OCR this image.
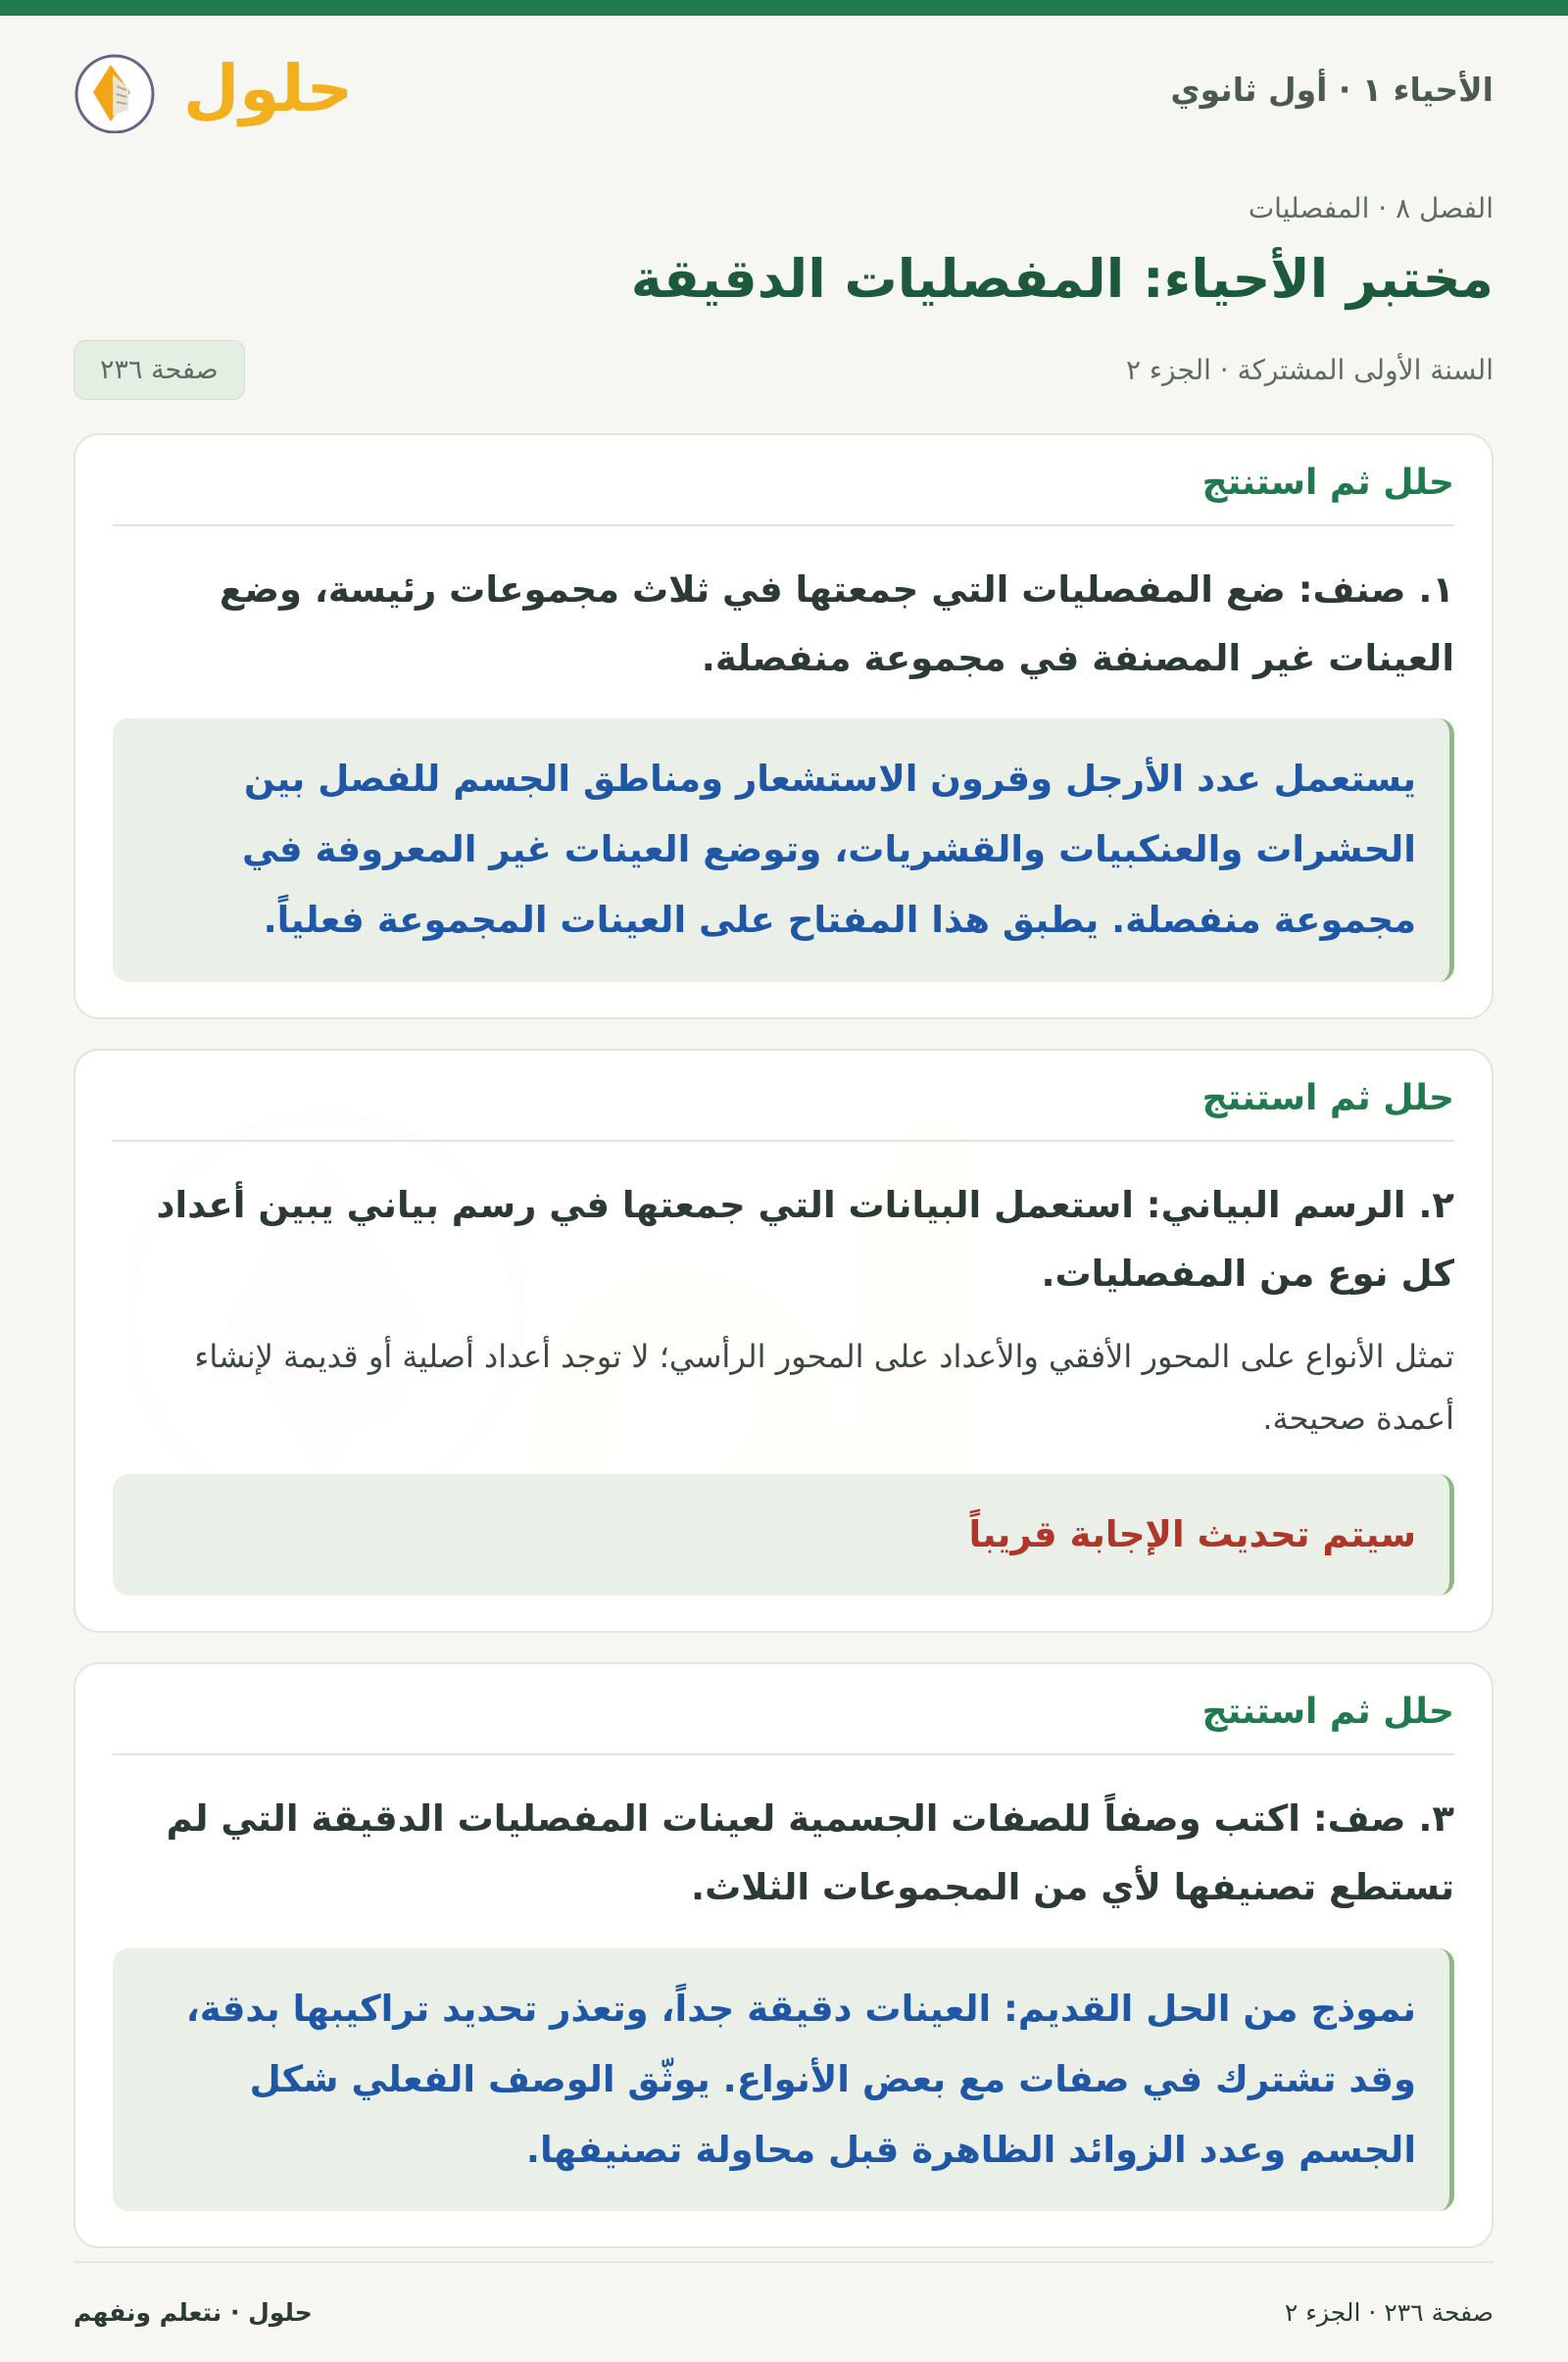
الأحياء ١ · أول ثانوي
حلول
الفصل ٨ · المفصليات
مختبر الأحياء: المفصليات الدقيقة
السنة الأولى المشتركة · الجزء ٢
صفحة ٢٣٦
حلل ثم استنتج
١. صنف: ضع المفصليات التي جمعتها في ثلاث مجموعات رئيسة، وضع العينات غير المصنفة في مجموعة منفصلة.
يستعمل عدد الأرجل وقرون الاستشعار ومناطق الجسم للفصل بين الحشرات والعنكبيات والقشريات، وتوضع العينات غير المعروفة في مجموعة منفصلة. يطبق هذا المفتاح على العينات المجموعة فعلياً.
حلل ثم استنتج
٢. الرسم البياني: استعمل البيانات التي جمعتها في رسم بياني يبين أعداد كل نوع من المفصليات.
تمثل الأنواع على المحور الأفقي والأعداد على المحور الرأسي؛ لا توجد أعداد أصلية أو قديمة لإنشاء أعمدة صحيحة.
سيتم تحديث الإجابة قريباً
حلل ثم استنتج
٣. صف: اكتب وصفاً للصفات الجسمية لعينات المفصليات الدقيقة التي لم تستطع تصنيفها لأي من المجموعات الثلاث.
نموذج من الحل القديم: العينات دقيقة جداً، وتعذر تحديد تراكيبها بدقة، وقد تشترك في صفات مع بعض الأنواع. يوثّق الوصف الفعلي شكل الجسم وعدد الزوائد الظاهرة قبل محاولة تصنيفها.
صفحة ٢٣٦ · الجزء ٢
حلول · نتعلم ونفهم
